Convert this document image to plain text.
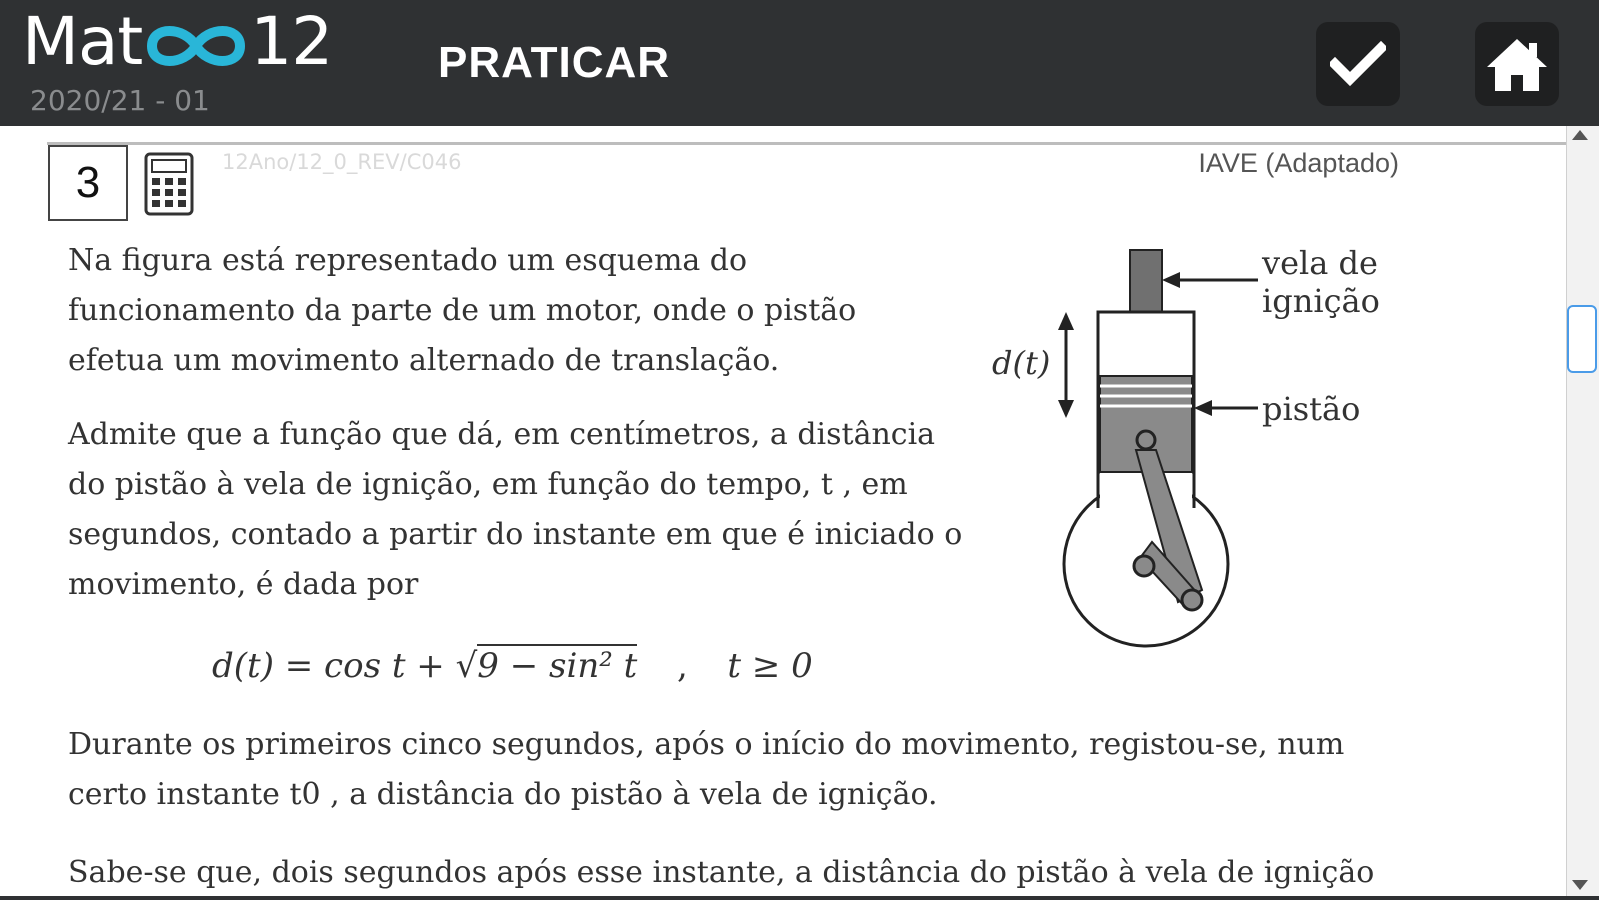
Mat 12
2020/21 - 01
PRATICAR
3	12Ano/12_0_REV/C046	IAVE (Adaptado)

Na figura está representado um esquema do funcionamento da parte de um motor, onde o pistão efetua um movimento alternado de translação.

Admite que a função que dá, em centímetros, a distância do pistão à vela de ignição, em função do tempo, t , em segundos, contado a partir do instante em que é iniciado o movimento, é dada por

d(t) = cos t + √9 − sin² t , t ≥ 0

Durante os primeiros cinco segundos, após o início do movimento, registou-se, num certo instante t0 , a distância do pistão à vela de ignição.

Sabe-se que, dois segundos após esse instante, a distância do pistão à vela de ignição

vela de
ignição
pistão
d(t)
